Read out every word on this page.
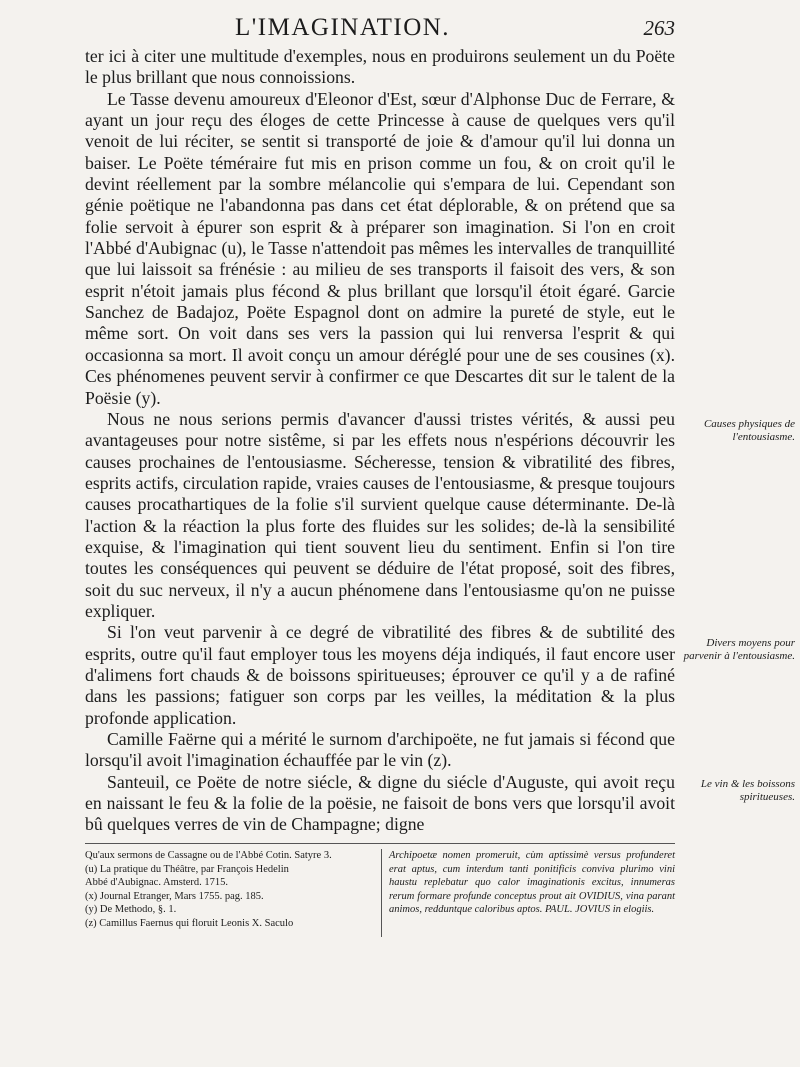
L'IMAGINATION.	263

ter ici à citer une multitude d'exemples, nous en produirons seulement un du Poëte le plus brillant que nous connoissions.

Le Tasse devenu amoureux d'Eleonor d'Est, sœur d'Alphonse Duc de Ferrare, & ayant un jour reçu des éloges de cette Princesse à cause de quelques vers qu'il venoit de lui réciter, se sentit si transporté de joie & d'amour qu'il lui donna un baiser. Le Poëte téméraire fut mis en prison comme un fou, & on croit qu'il le devint réellement par la sombre mélancolie qui s'empara de lui. Cependant son génie poëtique ne l'abandonna pas dans cet état déplorable, & on prétend que sa folie servoit à épurer son esprit & à préparer son imagination. Si l'on en croit l'Abbé d'Aubignac (u), le Tasse n'attendoit pas mêmes les intervalles de tranquillité que lui laissoit sa frénésie : au milieu de ses transports il faisoit des vers, & son esprit n'étoit jamais plus fécond & plus brillant que lorsqu'il étoit égaré. Garcie Sanchez de Badajoz, Poëte Espagnol dont on admire la pureté de style, eut le même sort. On voit dans ses vers la passion qui lui renversa l'esprit & qui occasionna sa mort. Il avoit conçu un amour déréglé pour une de ses cousines (x). Ces phénomenes peuvent servir à confirmer ce que Descartes dit sur le talent de la Poësie (y).

Nous ne nous serions permis d'avancer d'aussi tristes vérités, & aussi peu avantageuses pour notre sistême, si par les effets nous n'espérions découvrir les causes prochaines de l'entousiasme. Sécheresse, tension & vibratilité des fibres, esprits actifs, circulation rapide, vraies causes de l'entousiasme, & presque toujours causes procathartiques de la folie s'il survient quelque cause déterminante. De-là l'action & la réaction la plus forte des fluides sur les solides; de-là la sensibilité exquise, & l'imagination qui tient souvent lieu du sentiment. Enfin si l'on tire toutes les conséquences qui peuvent se déduire de l'état proposé, soit des fibres, soit du suc nerveux, il n'y a aucun phénomene dans l'entousiasme qu'on ne puisse expliquer.

Si l'on veut parvenir à ce degré de vibratilité des fibres & de subtilité des esprits, outre qu'il faut employer tous les moyens déja indiqués, il faut encore user d'alimens fort chauds & de boissons spiritueuses; éprouver ce qu'il y a de rafiné dans les passions; fatiguer son corps par les veilles, la méditation & la plus profonde application.

Camille Faërne qui a mérité le surnom d'archipoëte, ne fut jamais si fécond que lorsqu'il avoit l'imagination échauffée par le vin (z).

Santeuil, ce Poëte de notre siécle, & digne du siécle d'Auguste, qui avoit reçu en naissant le feu & la folie de la poësie, ne faisoit de bons vers que lorsqu'il avoit bû quelques verres de vin de Champagne; digne

Causes physiques de l'entousiasme.
Divers moyens pour parvenir à l'entousiasme.
Le vin & les boissons spiritueuses.
Qu'aux sermons de Cassagne ou de l'Abbé Cotin. Satyre 3.
(u) La pratique du Théâtre, par François Hedelin
Abbé d'Aubignac. Amsterd. 1715.
(x) Journal Etranger, Mars 1755. pag. 185.
(y) De Methodo, §. 1.
(z) Camillus Faernus qui floruit Leonis X. Saculo
Archipoetæ nomen promeruit, cùm aptissimè versus profunderet erat aptus, cum interdum tanti ponitificis conviva plurimo vini haustu replebatur quo calor imaginationis excitus, innumeras rerum formare profunde conceptus prout ait OVIDIUS, vina parant animos, redduntque caloribus aptos. PAUL. JOVIUS in elogiis.
